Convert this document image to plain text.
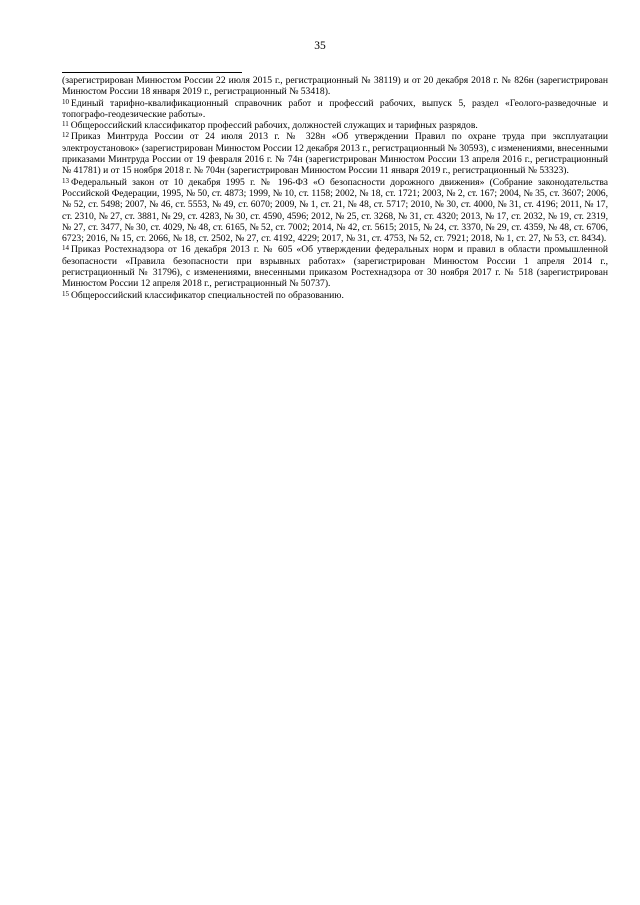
35

(зарегистрирован Минюстом России 22 июля 2015 г., регистрационный № 38119) и от 20 декабря 2018 г. № 826н (зарегистрирован Минюстом России 18 января 2019 г., регистрационный № 53418).

$^{10}$ Единый тарифно-квалификационный справочник работ и профессий рабочих, выпуск 5, раздел «Геолого-разведочные и топографо-геодезические работы».

$^{11}$ Общероссийский классификатор профессий рабочих, должностей служащих и тарифных разрядов.

$^{12}$ Приказ Минтруда России от 24 июля 2013 г. № 328н «Об утверждении Правил по охране труда при эксплуатации электроустановок» (зарегистрирован Минюстом России 12 декабря 2013 г., регистрационный № 30593), с изменениями, внесенными приказами Минтруда России от 19 февраля 2016 г. № 74н (зарегистрирован Минюстом России 13 апреля 2016 г., регистрационный № 41781) и от 15 ноября 2018 г. № 704н (зарегистрирован Минюстом России 11 января 2019 г., регистрационный № 53323).

$^{13}$ Федеральный закон от 10 декабря 1995 г. № 196-ФЗ «О безопасности дорожного движения» (Собрание законодательства Российской Федерации, 1995, № 50, ст. 4873; 1999, № 10, ст. 1158; 2002, № 18, ст. 1721; 2003, № 2, ст. 167; 2004, № 35, ст. 3607; 2006, № 52, ст. 5498; 2007, № 46, ст. 5553, № 49, ст. 6070; 2009, № 1, ст. 21, № 48, ст. 5717; 2010, № 30, ст. 4000, № 31, ст. 4196; 2011, № 17, ст. 2310, № 27, ст. 3881, № 29, ст. 4283, № 30, ст. 4590, 4596; 2012, № 25, ст. 3268, № 31, ст. 4320; 2013, № 17, ст. 2032, № 19, ст. 2319, № 27, ст. 3477, № 30, ст. 4029, № 48, ст. 6165, № 52, ст. 7002; 2014, № 42, ст. 5615; 2015, № 24, ст. 3370, № 29, ст. 4359, № 48, ст. 6706, 6723; 2016, № 15, ст. 2066, № 18, ст. 2502, № 27, ст. 4192, 4229; 2017, № 31, ст. 4753, № 52, ст. 7921; 2018, № 1, ст. 27, № 53, ст. 8434).

$^{14}$ Приказ Ростехнадзора от 16 декабря 2013 г. № 605 «Об утверждении федеральных норм и правил в области промышленной безопасности «Правила безопасности при взрывных работах» (зарегистрирован Минюстом России 1 апреля 2014 г., регистрационный № 31796), с изменениями, внесенными приказом Ростехнадзора от 30 ноября 2017 г. № 518 (зарегистрирован Минюстом России 12 апреля 2018 г., регистрационный № 50737).

$^{15}$ Общероссийский классификатор специальностей по образованию.
